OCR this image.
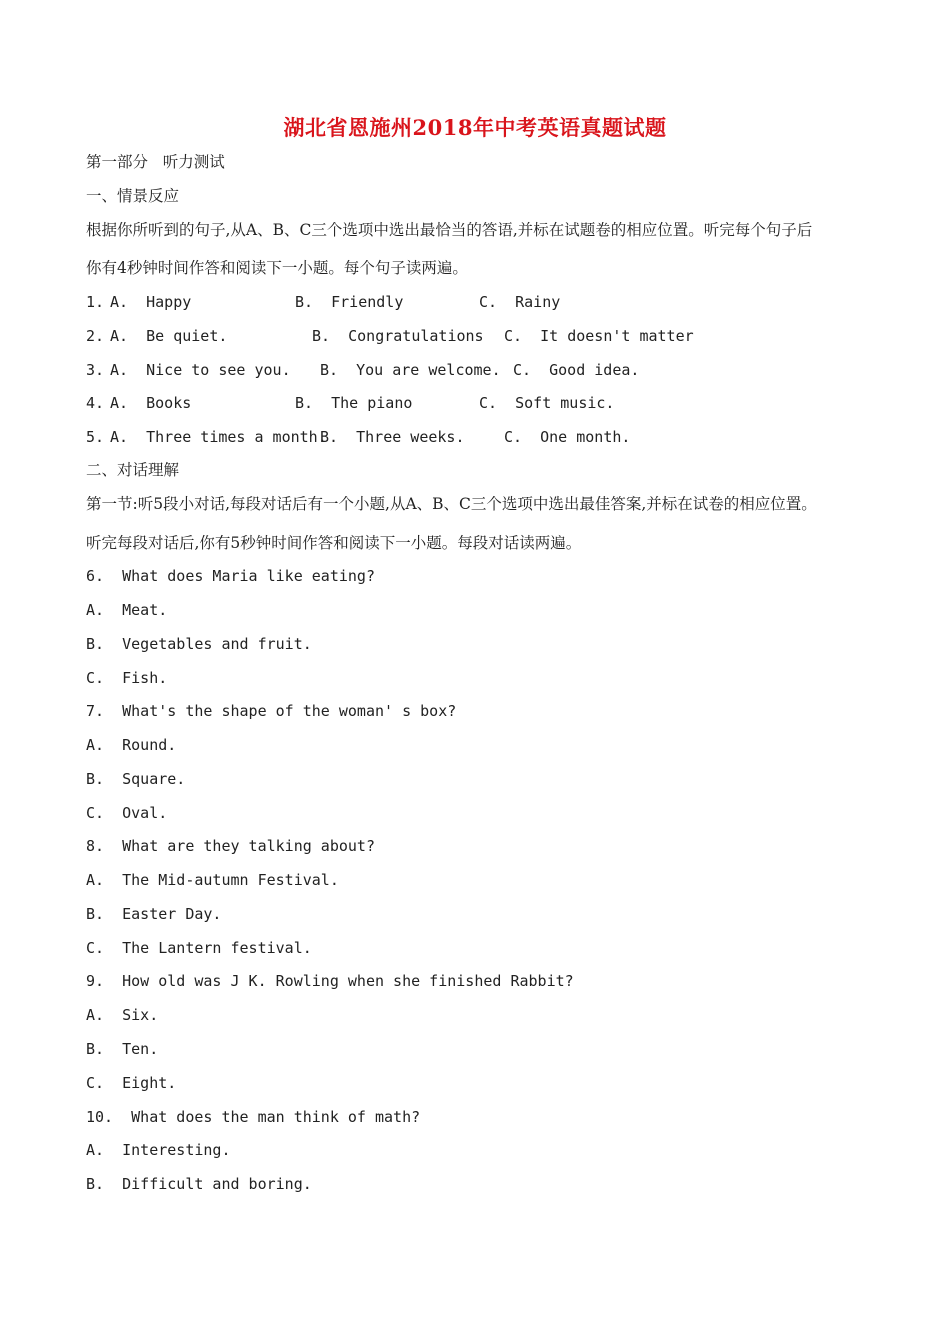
湖北省恩施州2018年中考英语真题试题
第一部分   听力测试
一、情景反应
根据你所听到的句子,从A、B、C三个选项中选出最恰当的答语,并标在试题卷的相应位置。听完每个句子后
你有4秒钟时间作答和阅读下一小题。每个句子读两遍。

1.

A.  Happy

	B.  Friendly

	C.  Rainy

2.

A.  Be quiet.

	B.  Congratulations

C.  It doesn't matter

3.

A.  Nice to see you.

B.  You are welcome.

C.  Good idea.

4.

A.  Books

	B.  The piano

	C.  Soft music.

5.

A.  Three times a month.

B.  Three weeks.

	C.  One month.

二、对话理解
第一节:听5段小对话,每段对话后有一个小题,从A、B、C三个选项中选出最佳答案,并标在试卷的相应位置。
听完每段对话后,你有5秒钟时间作答和阅读下一小题。每段对话读两遍。
6.  What does Maria like eating?
A.  Meat.
B.  Vegetables and fruit.
C.  Fish.
7.  What's the shape of the woman' s box?
A.  Round.
B.  Square.
C.  Oval.
8.  What are they talking about?
A.  The Mid-autumn Festival.
B.  Easter Day.
C.  The Lantern festival.
9.  How old was J K. Rowling when she finished Rabbit?
A.  Six.
B.  Ten.
C.  Eight.
10.  What does the man think of math?
A.  Interesting.
B.  Difficult and boring.
